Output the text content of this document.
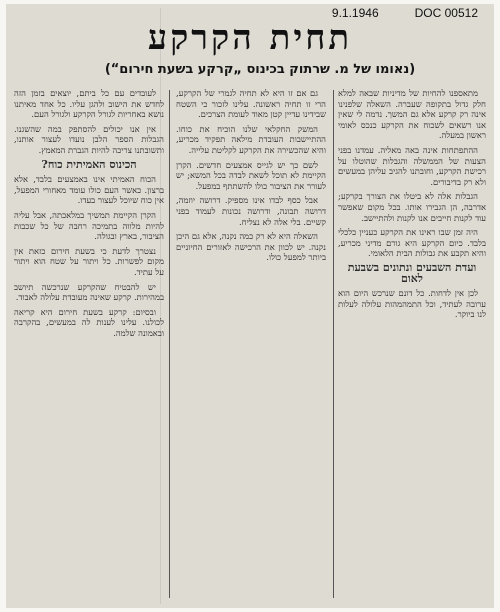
9.1.1946	DOC 00512
תחית הקרקע
(נאומו של מ. שרתוק בכינוס „קרקע בשעת חירום“)

מתאספנו להחיות של מדיניות שבאה למלא חלק גדול בתקופה שעברה. השאלה שלפנינו אינה רק קרקע אלא גם המשך. נדמה לי שאין אנו רשאים לשכוח את הקרקע כנכס לאומי ראשון במעלה.

ההתפתחות אינה באה מאליה. עמדנו בפני הצעות של הממשלה והגבלות שהוטלו על רכישת הקרקע, וחובתנו להגיב עליהן במעשים ולא רק בדיבורים.

הגבלות אלה לא ביטלו את הצורך בקרקע; אדרבה, הן הגבירו אותו. בכל מקום שאפשר עוד לקנות חייבים אנו לקנות ולהתיישב.

היה זמן שבו ראינו את הקרקע כעניין כלכלי בלבד. כיום הקרקע היא גורם מדיני מכריע, והיא תקבע את גבולות הבית הלאומי.

ועדת השבעים ונתונים בשבעת לאום

לכן אין לדחות. כל דונם שנרכש היום הוא ערובה לעתיד, וכל התמהמהות עלולה לעלות לנו ביוקר.

גם אם זו היא לא תחיה לגמרי של הקרקע, הרי זו תחיה ראשונה. עלינו לזכור כי השטח שבידינו עדיין קטן מאוד לעומת הצרכים.

המשק החקלאי שלנו הוכיח את כוחו. ההתיישבות העובדת מילאה תפקיד מכריע, והיא שהכשירה את הקרקע לקליטת עלייה.

לשם כך יש לגייס אמצעים חדשים. הקרן הקיימת לא תוכל לשאת לבדה בכל המשא; יש לעורר את הציבור כולו להשתתף במפעל.

אבל כסף לבדו אינו מספיק. דרושה יוזמה, דרושה תבונה, ודרושה נכונות לעמוד בפני קשיים. בלי אלה לא נצליח.

השאלה היא לא רק כמה נקנה, אלא גם היכן נקנה. יש לכוון את הרכישה לאזורים החיוניים ביותר למפעל כולו.

לעובדים עם כל ביתם, יוצאים בזמן הזה לחדש את הישוב ולהגן עליו. כל אחד מאיתנו נושא באחריות לגורל הקרקע ולגורל העם.

אין אנו יכולים להסתפק במה שהשגנו. הגבלות הספר הלבן נועדו לעצור אותנו, ותשובתנו צריכה להיות הגברת המאמץ.

הכינוס האמיתית כוח?

הכוח האמיתי אינו באמצעים בלבד, אלא ברצון. כאשר העם כולו עומד מאחורי המפעל, אין כוח שיוכל לעצור בעדו.

הקרן הקיימת תמשיך במלאכתה, אבל עליה להיות מלווה בתמיכה רחבה של כל שכבות הציבור, בארץ ובגולה.

נצטרך לדעת כי בשעת חירום כזאת אין מקום לפשרות. כל ויתור על שטח הוא ויתור על עתיד.

יש להבטיח שהקרקע שנרכשה תיושב במהירות. קרקע שאינה מעובדת עלולה לאבוד.

ובסיום: קרקע בשעת חירום היא קריאה לכולנו. עלינו לענות לה במעשים, בהקרבה ובאמונה שלמה.
